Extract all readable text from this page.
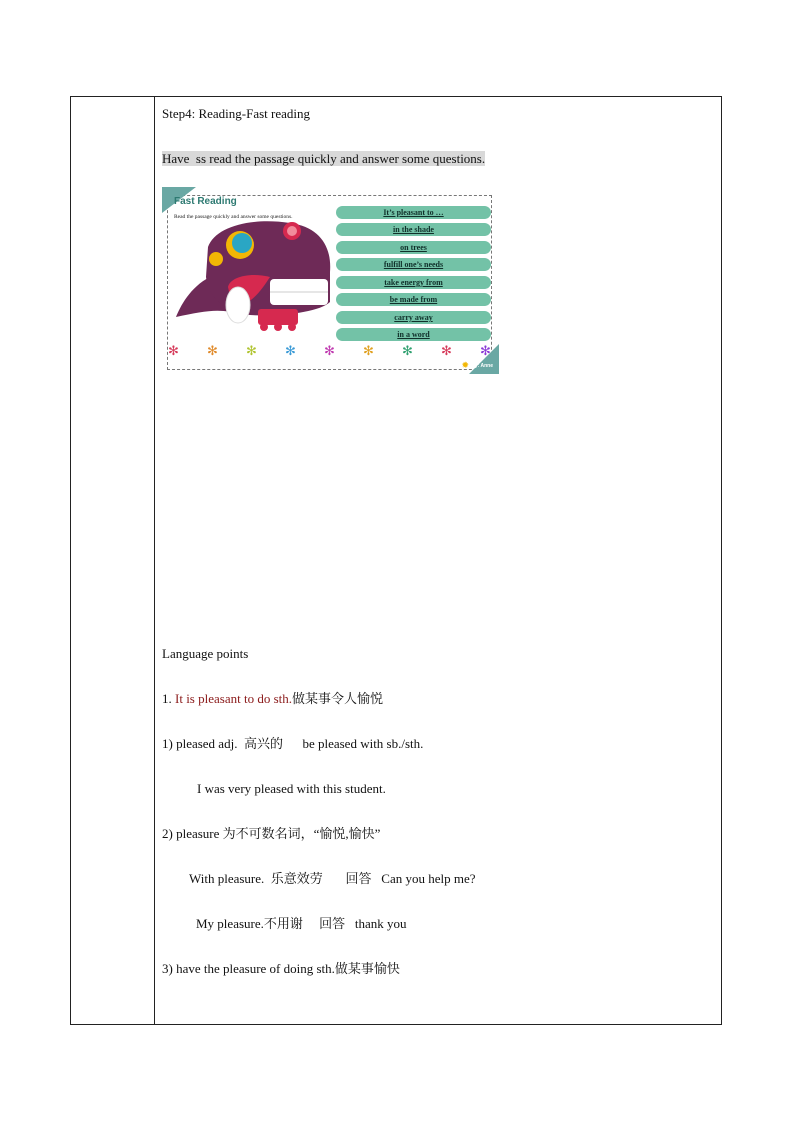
Step4: Reading-Fast reading
Have  ss read the passage quickly and answer some questions.
Fast Reading
Read the passage quickly and answer some questions.	It’s pleasant to …
in the shade
on trees
fulfill one’s needs
take energy from
be made from
carry away
in a word
✻ ✻ ✻ ✻ ✻ ✻ ✻ ✻ ✻
✹ By: Anne
Language points
1. It is pleasant to do sth.做某事令人愉悦
1) pleased adj.  高兴的      be pleased with sb./sth.
I was very pleased with this student.
2) pleasure 为不可数名词，“愉悦,愉快”
With pleasure.  乐意效劳       回答   Can you help me?
My pleasure.不用谢     回答   thank you
3) have the pleasure of doing sth.做某事愉快
